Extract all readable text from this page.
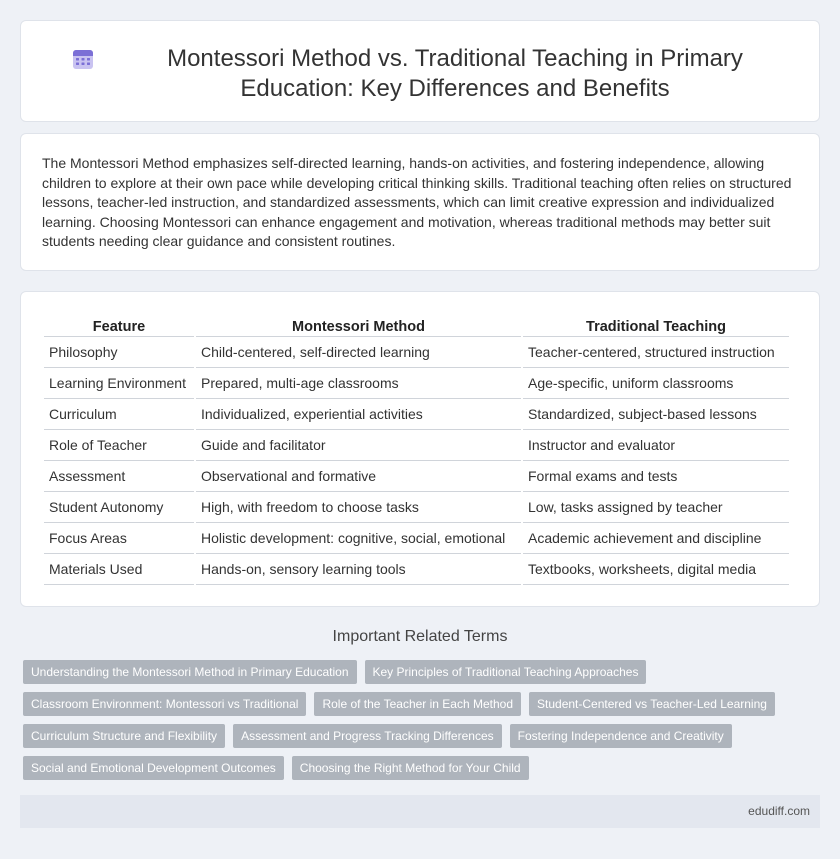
Montessori Method vs. Traditional Teaching in Primary Education: Key Differences and Benefits

The Montessori Method emphasizes self-directed learning, hands-on activities, and fostering independence, allowing children to explore at their own pace while developing critical thinking skills. Traditional teaching often relies on structured lessons, teacher-led instruction, and standardized assessments, which can limit creative expression and individualized learning. Choosing Montessori can enhance engagement and motivation, whereas traditional methods may better suit students needing clear guidance and consistent routines.

Feature	Montessori Method	Traditional Teaching
Philosophy	Child-centered, self-directed learning	Teacher-centered, structured instruction
Learning Environment	Prepared, multi-age classrooms	Age-specific, uniform classrooms
Curriculum	Individualized, experiential activities	Standardized, subject-based lessons
Role of Teacher	Guide and facilitator	Instructor and evaluator
Assessment	Observational and formative	Formal exams and tests
Student Autonomy	High, with freedom to choose tasks	Low, tasks assigned by teacher
Focus Areas	Holistic development: cognitive, social, emotional	Academic achievement and discipline
Materials Used	Hands-on, sensory learning tools	Textbooks, worksheets, digital media
Important Related Terms
Understanding the Montessori Method in Primary Education	Key Principles of Traditional Teaching Approaches
Classroom Environment: Montessori vs Traditional	Role of the Teacher in Each Method	Student-Centered vs Teacher-Led Learning
Curriculum Structure and Flexibility	Assessment and Progress Tracking Differences	Fostering Independence and Creativity
Social and Emotional Development Outcomes	Choosing the Right Method for Your Child
edudiff.com
